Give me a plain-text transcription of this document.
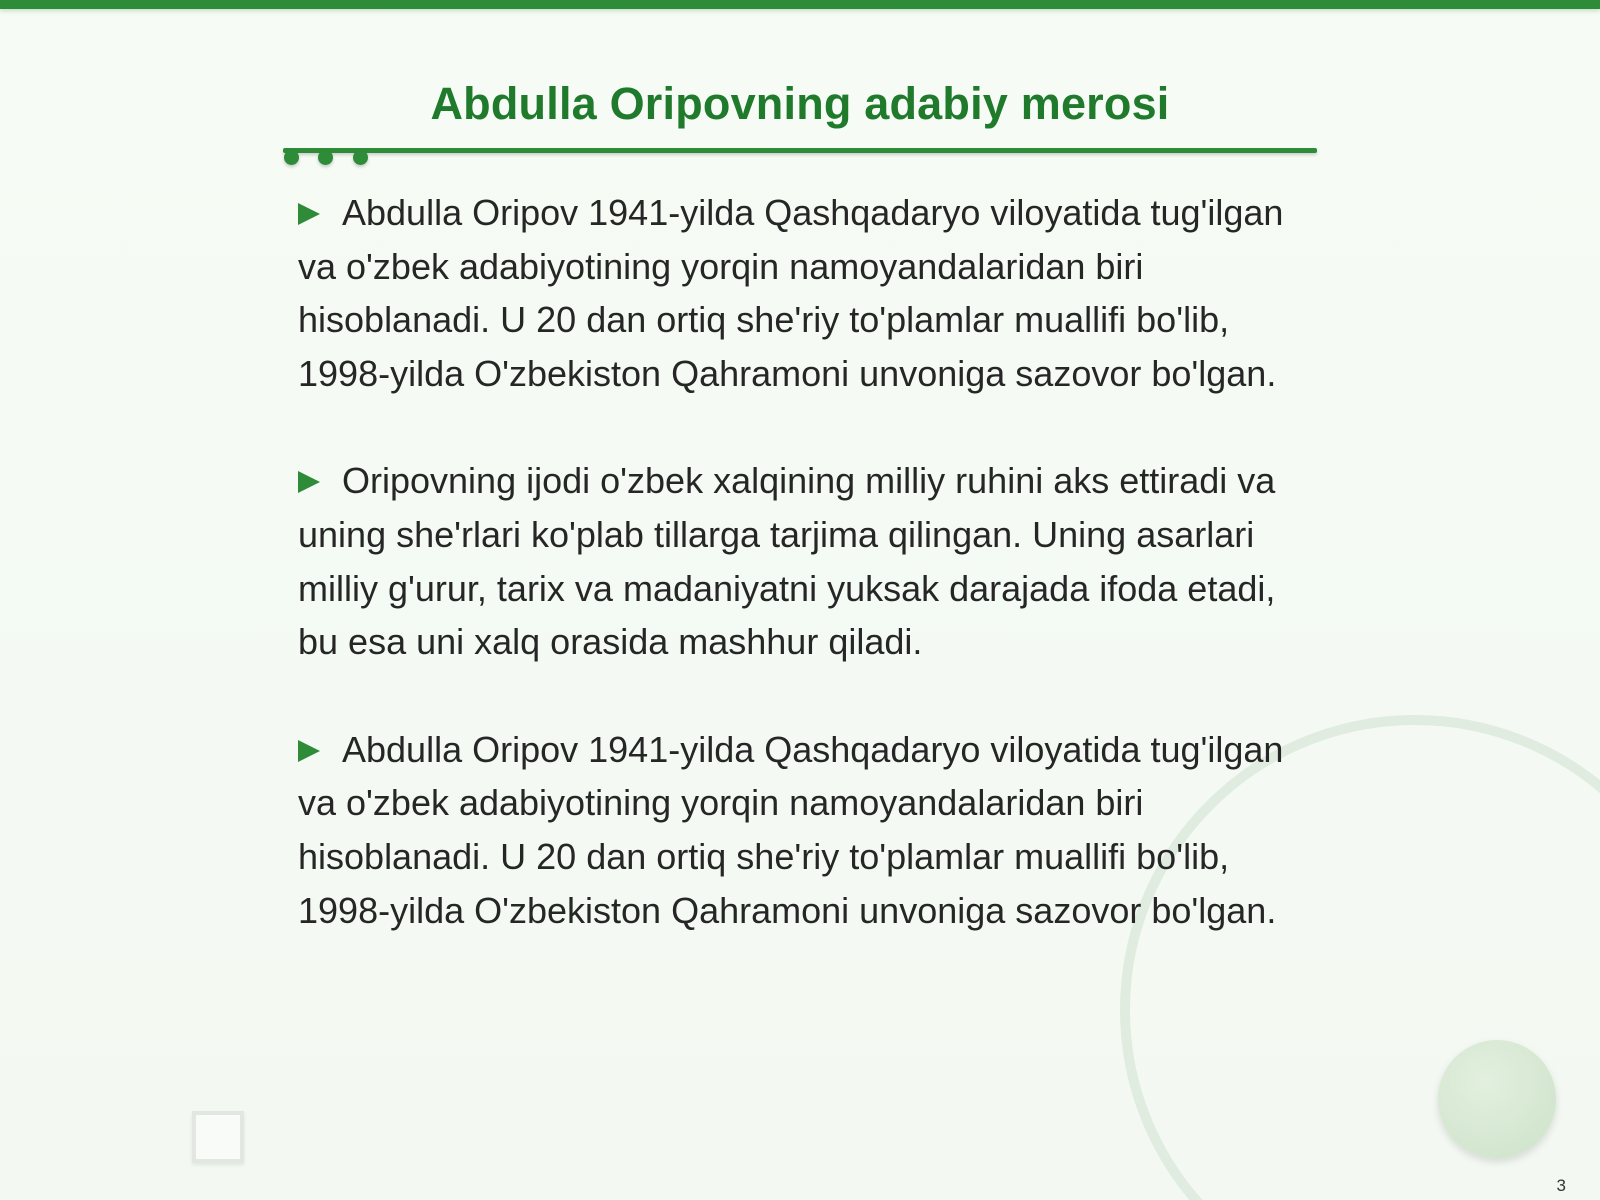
Abdulla Oripovning adabiy merosi

Abdulla Oripov 1941-yilda Qashqadaryo viloyatida tug'ilgan va o'zbek adabiyotining yorqin namoyandalaridan biri hisoblanadi. U 20 dan ortiq she'riy to'plamlar muallifi bo'lib, 1998-yilda O'zbekiston Qahramoni unvoniga sazovor bo'lgan.

Oripovning ijodi o'zbek xalqining milliy ruhini aks ettiradi va uning she'rlari ko'plab tillarga tarjima qilingan. Uning asarlari milliy g'urur, tarix va madaniyatni yuksak darajada ifoda etadi, bu esa uni xalq orasida mashhur qiladi.

Abdulla Oripov 1941-yilda Qashqadaryo viloyatida tug'ilgan va o'zbek adabiyotining yorqin namoyandalaridan biri hisoblanadi. U 20 dan ortiq she'riy to'plamlar muallifi bo'lib, 1998-yilda O'zbekiston Qahramoni unvoniga sazovor bo'lgan.

3
